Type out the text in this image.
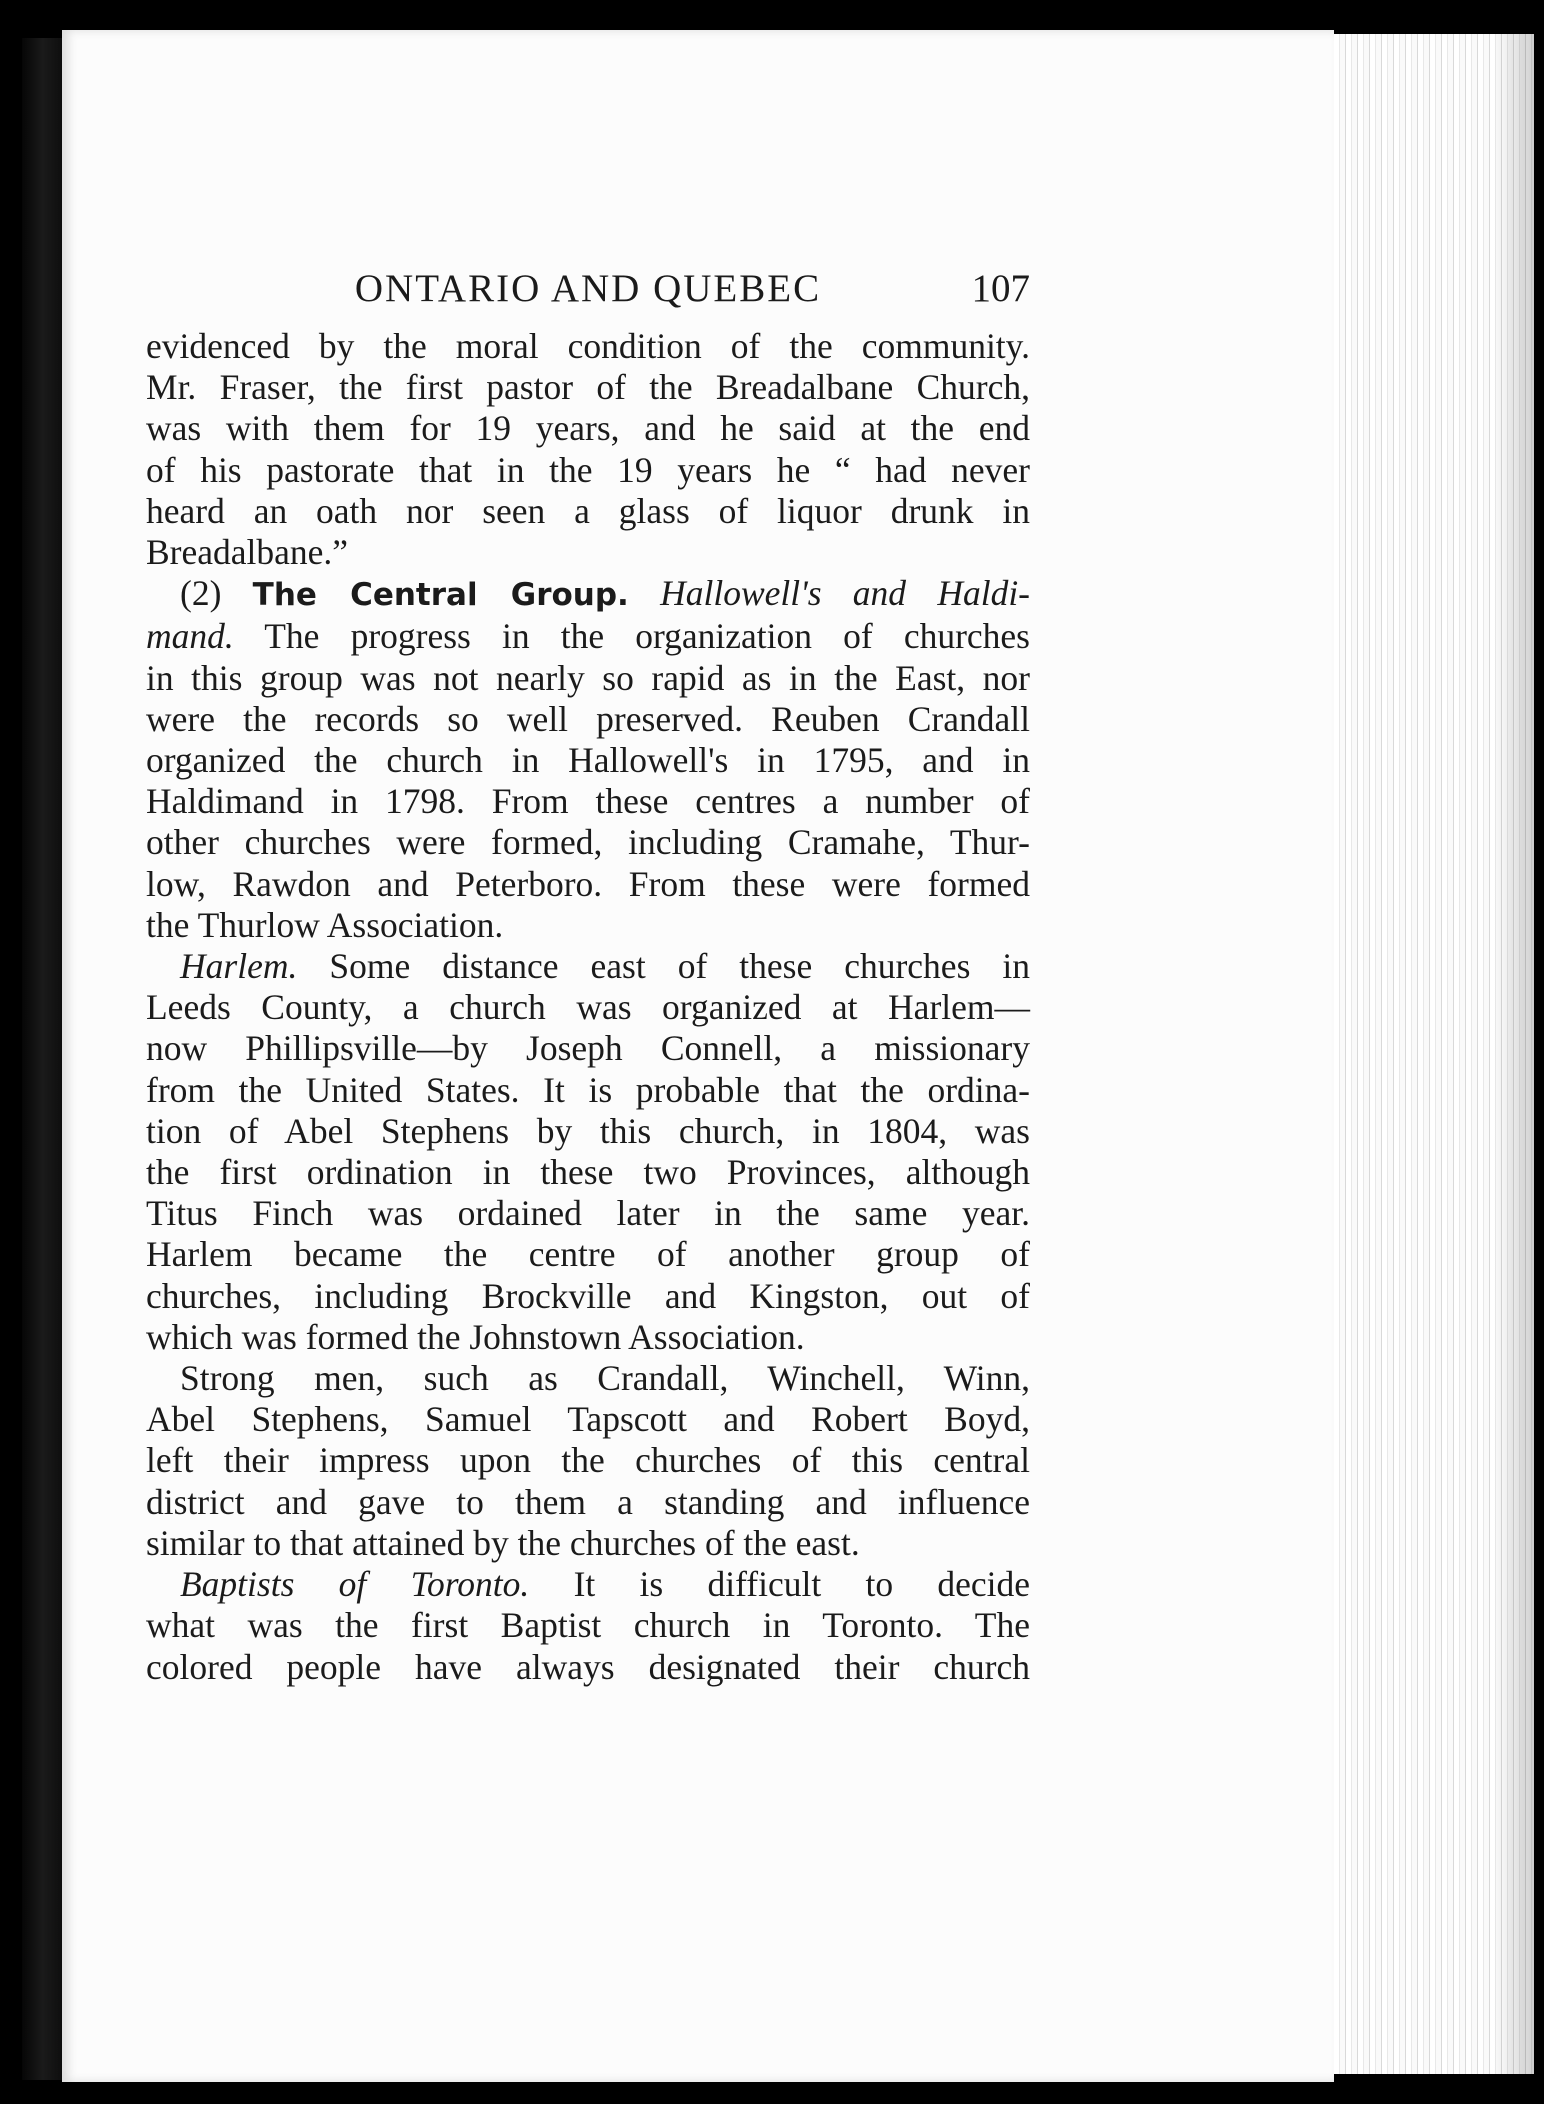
ONTARIO AND QUEBEC	107

evidenced by the moral condition of the community.
Mr. Fraser, the first pastor of the Breadalbane Church,
was with them for 19 years, and he said at the end
of his pastorate that in the 19 years he “ had never
heard an oath nor seen a glass of liquor drunk in
Breadalbane.”

(2) The Central Group. Hallowell's and Haldi-
mand. The progress in the organization of churches
in this group was not nearly so rapid as in the East, nor
were the records so well preserved. Reuben Crandall
organized the church in Hallowell's in 1795, and in
Haldimand in 1798. From these centres a number of
other churches were formed, including Cramahe, Thur-
low, Rawdon and Peterboro. From these were formed
the Thurlow Association.

Harlem. Some distance east of these churches in
Leeds County, a church was organized at Harlem—
now Phillipsville—by Joseph Connell, a missionary
from the United States. It is probable that the ordina-
tion of Abel Stephens by this church, in 1804, was
the first ordination in these two Provinces, although
Titus Finch was ordained later in the same year.
Harlem became the centre of another group of
churches, including Brockville and Kingston, out of
which was formed the Johnstown Association.

Strong men, such as Crandall, Winchell, Winn,
Abel Stephens, Samuel Tapscott and Robert Boyd,
left their impress upon the churches of this central
district and gave to them a standing and influence
similar to that attained by the churches of the east.

Baptists of Toronto. It is difficult to decide
what was the first Baptist church in Toronto. The
colored people have always designated their church
